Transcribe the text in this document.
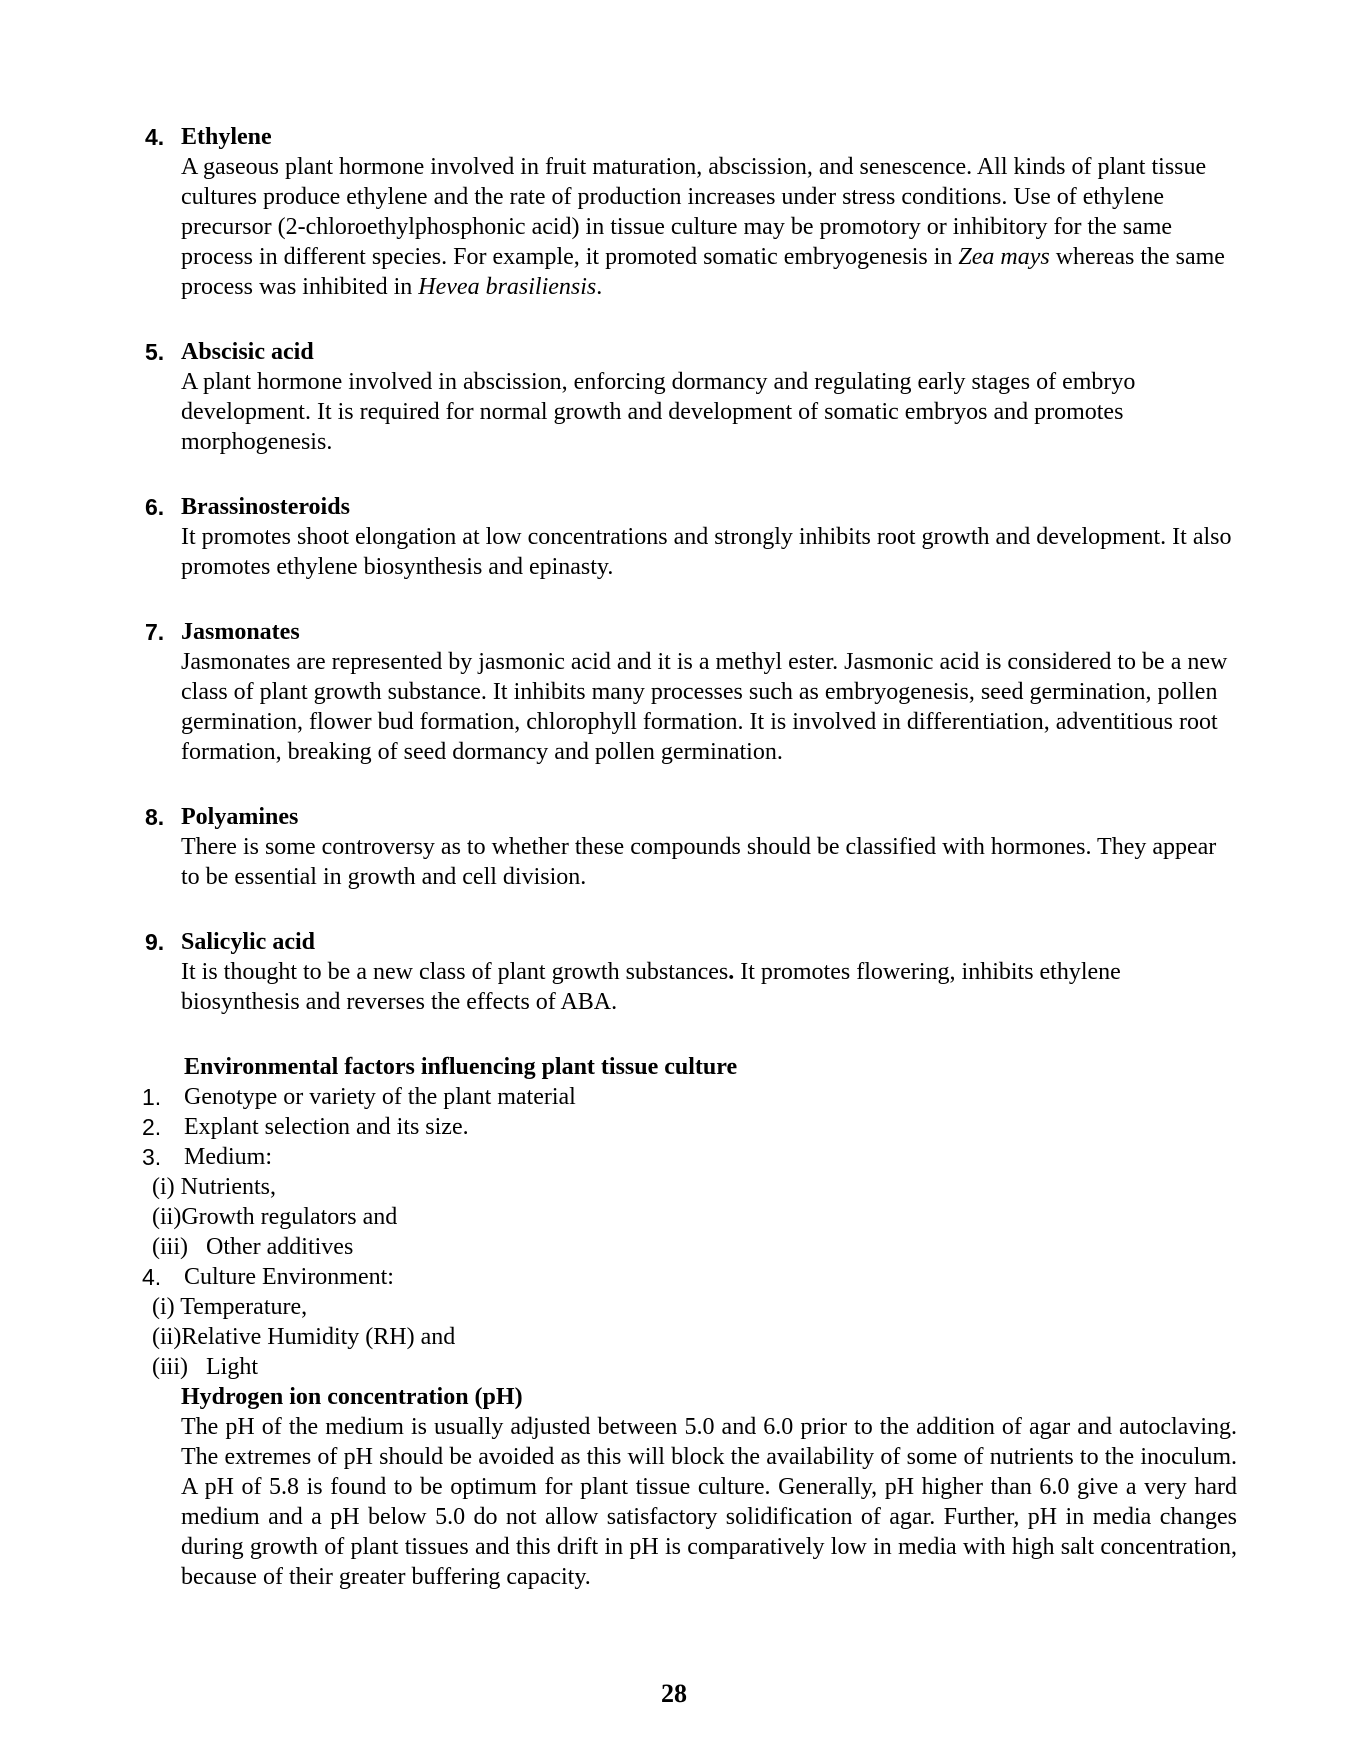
4. Ethylene

A gaseous plant hormone involved in fruit maturation, abscission, and senescence. All kinds of plant tissue cultures produce ethylene and the rate of production increases under stress conditions. Use of ethylene precursor (2-chloroethylphosphonic acid) in tissue culture may be promotory or inhibitory for the same process in different species. For example, it promoted somatic embryogenesis in Zea mays whereas the same process was inhibited in Hevea brasiliensis.

5. Abscisic acid

A plant hormone involved in abscission, enforcing dormancy and regulating early stages of embryo development. It is required for normal growth and development of somatic embryos and promotes morphogenesis.

6. Brassinosteroids

It promotes shoot elongation at low concentrations and strongly inhibits root growth and development. It also promotes ethylene biosynthesis and epinasty.

7. Jasmonates

Jasmonates are represented by jasmonic acid and it is a methyl ester. Jasmonic acid is considered to be a new class of plant growth substance. It inhibits many processes such as embryogenesis, seed germination, pollen germination, flower bud formation, chlorophyll formation. It is involved in differentiation, adventitious root formation, breaking of seed dormancy and pollen germination.

8. Polyamines

There is some controversy as to whether these compounds should be classified with hormones. They appear to be essential in growth and cell division.

9. Salicylic acid

It is thought to be a new class of plant growth substances. It promotes flowering, inhibits ethylene biosynthesis and reverses the effects of ABA.

Environmental factors influencing plant tissue culture
1. Genotype or variety of the plant material
2. Explant selection and its size.
3. Medium:
(i) Nutrients,
(ii)Growth regulators and
(iii)   Other additives
4. Culture Environment:
(i) Temperature,
(ii)Relative Humidity (RH) and
(iii)   Light
Hydrogen ion concentration (pH)

The pH of the medium is usually adjusted between 5.0 and 6.0 prior to the addition of agar and autoclaving. The extremes of pH should be avoided as this will block the availability of some of nutrients to the inoculum. A pH of 5.8 is found to be optimum for plant tissue culture. Generally, pH higher than 6.0 give a very hard medium and a pH below 5.0 do not allow satisfactory solidification of agar. Further, pH in media changes during growth of plant tissues and this drift in pH is comparatively low in media with high salt concentration, because of their greater buffering capacity.

28
